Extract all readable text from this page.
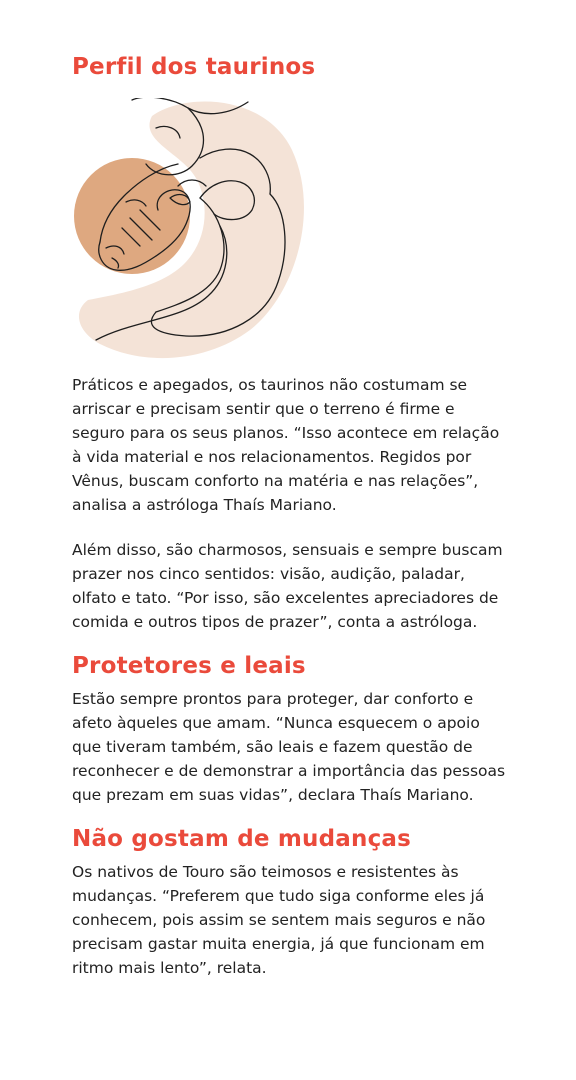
Perfil dos taurinos

Práticos e apegados, os taurinos não costumam se arriscar e precisam sentir que o terreno é firme e seguro para os seus planos. “Isso acontece em relação à vida material e nos relacionamentos. Regidos por Vênus, buscam conforto na matéria e nas relações”, analisa a astróloga Thaís Mariano.

Além disso, são charmosos, sensuais e sempre buscam prazer nos cinco sentidos: visão, audição, paladar, olfato e tato. “Por isso, são excelentes apreciadores de comida e outros tipos de prazer”, conta a astróloga.

Protetores e leais

Estão sempre prontos para proteger, dar conforto e afeto àqueles que amam. “Nunca esquecem o apoio que tiveram também, são leais e fazem questão de reconhecer e de demonstrar a importância das pessoas que prezam em suas vidas”, declara Thaís Mariano.

Não gostam de mudanças

Os nativos de Touro são teimosos e resistentes às mudanças. “Preferem que tudo siga conforme eles já conhecem, pois assim se sentem mais seguros e não precisam gastar muita energia, já que funcionam em ritmo mais lento”, relata.
